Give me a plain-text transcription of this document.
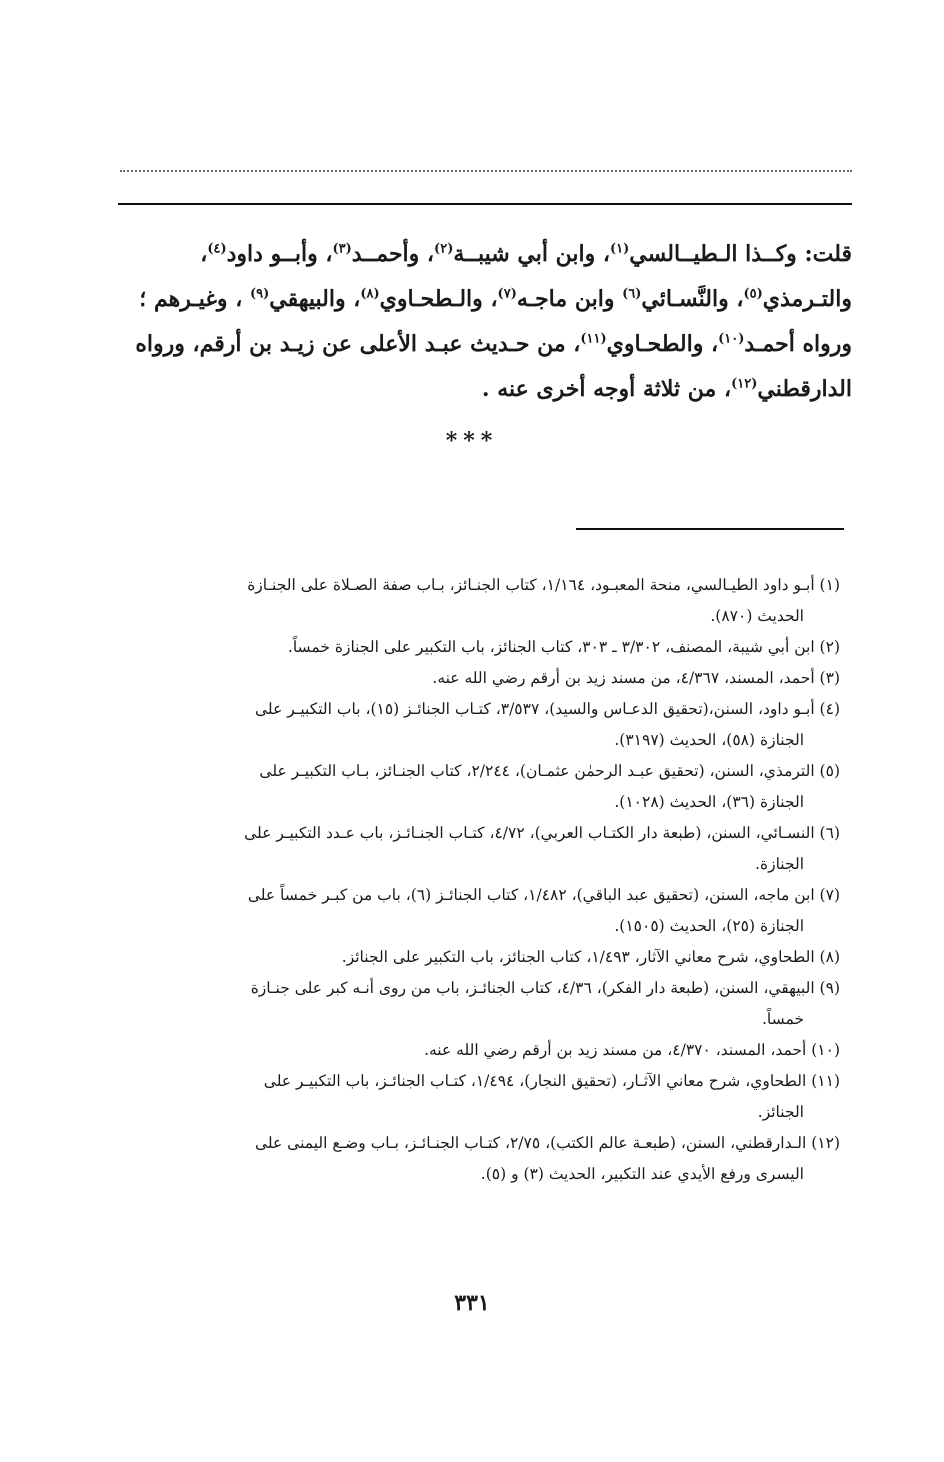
قلت: وكــذا الـطيــالسي$^{(١)}$، وابن أبي شيبــة$^{(٢)}$، وأحمــد$^{(٣)}$، وأبــو داود$^{(٤)}$،
والتـرمذي$^{(٥)}$، والنَّسـائي$^{(٦)}$ وابن ماجـه$^{(٧)}$، والـطحـاوي$^{(٨)}$، والبيهقي$^{(٩)}$ ، وغيـرهم ؛
ورواه أحمـد$^{(١٠)}$، والطحـاوي$^{(١١)}$، من حـديث عبـد الأعلى عن زيـد بن أرقم، ورواه
الدارقطني$^{(١٢)}$، من ثلاثة أوجه أخرى عنه .
***

(١) أبـو داود الطيـالسي، منحة المعبـود، ١/١٦٤، كتاب الجنـائز، بـاب صفة الصـلاة على الجنـازة
الحديث (٨٧٠).

(٢) ابن أبي شيبة، المصنف، ٣/٣٠٢ ـ ٣٠٣، كتاب الجنائز، باب التكبير على الجنازة خمساً.

(٣) أحمد، المسند، ٤/٣٦٧، من مسند زيد بن أرقم رضي الله عنه.

(٤) أبـو داود، السنن،(تحقيق الدعـاس والسيد)، ٣/٥٣٧، كتـاب الجنائـز (١٥)، باب التكبيـر على
الجنازة (٥٨)، الحديث (٣١٩٧).

(٥) الترمذي، السنن، (تحقيق عبـد الرحمٰن عثمـان)، ٢/٢٤٤، كتاب الجنـائز، بـاب التكبيـر على
الجنازة (٣٦)، الحديث (١٠٢٨).

(٦) النسـائي، السنن، (طبعة دار الكتـاب العربي)، ٤/٧٢، كتـاب الجنـائـز، باب عـدد التكبيـر على
الجنازة.

(٧) ابن ماجه، السنن، (تحقيق عبد الباقي)، ١/٤٨٢، كتاب الجنائـز (٦)، باب من كبـر خمساً على
الجنازة (٢٥)، الحديث (١٥٠٥).

(٨) الطحاوي، شرح معاني الآثار، ١/٤٩٣، كتاب الجنائز، باب التكبير على الجنائز.

(٩) البيهقي، السنن، (طبعة دار الفكر)، ٤/٣٦، كتاب الجنائـز، باب من روى أنـه كبر على جنـازة
خمساً.

(١٠) أحمد، المسند، ٤/٣٧٠، من مسند زيد بن أرقم رضي الله عنه.

(١١) الطحاوي، شرح معاني الآثـار، (تحقيق النجار)، ١/٤٩٤، كتـاب الجنائـز، باب التكبيـر على
الجنائز.

(١٢) الـدارقطني، السنن، (طبعـة عالم الكتب)، ٢/٧٥، كتـاب الجنـائـز، بـاب وضـع اليمنى على
اليسرى ورفع الأيدي عند التكبير، الحديث (٣) و (٥).

٣٣١
